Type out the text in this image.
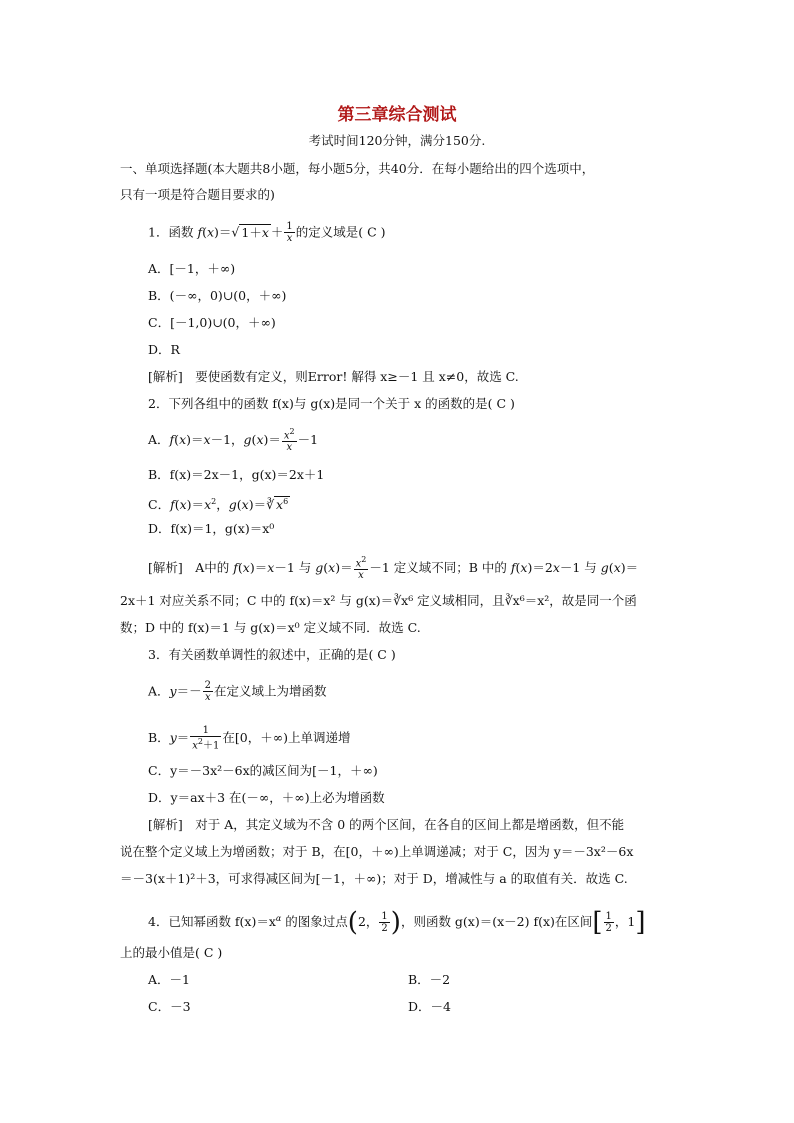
第三章综合测试
考试时间120分钟，满分150分.
一、单项选择题(本大题共8小题，每小题5分，共40分．在每小题给出的四个选项中，
只有一项是符合题目要求的)
1．函数 f(x)＝√ $1+x + \frac{1}{x}$ 的定义域是( C )
A．[－1，＋∞)
B．(－∞，0)∪(0，＋∞)
C．[－1,0)∪(0，＋∞)
D．R
[解析]　要使函数有定义，则Error! 解得 x≥－1 且 x≠0，故选 C.
2．下列各组中的函数 f(x)与 g(x)是同一个关于 x 的函数的是( C )
A．f(x)＝x－1，$g(x)= \frac{x^2}{x} -1$
B．f(x)＝2x－1，g(x)＝2x＋1
C．$f(x)=x^2$，g(x)＝∛ $x^6$
D．f(x)＝1，g(x)＝x⁰
[解析]　A中的 f(x)＝x－1 与 $g(x)= \frac{x^2}{x} -1$ 定义域不同；B 中的 f(x)＝2x－1 与 g(x)＝
2x＋1 对应关系不同；C 中的 f(x)＝x² 与 g(x)＝∛x⁶ 定义域相同，且∛x⁶＝x²，故是同一个函
数；D 中的 f(x)＝1 与 g(x)＝x⁰ 定义域不同．故选 C.
3．有关函数单调性的叙述中，正确的是( C )
A．$y=- \frac{2}{x}$ 在定义域上为增函数
B．$y= \frac{1}{x^2+1}$ 在[0，＋∞)上单调递增
C．y＝－3x²－6x的减区间为[－1，＋∞)
D．y＝ax＋3 在(－∞，＋∞)上必为增函数
[解析]　对于 A，其定义域为不含 0 的两个区间，在各自的区间上都是增函数，但不能
说在整个定义域上为增函数；对于 B，在[0，＋∞)上单调递减；对于 C，因为 y＝－3x²－6x
＝－3(x＋1)²＋3，可求得减区间为[－1，＋∞)；对于 D，增减性与 a 的取值有关．故选 C.
4．已知幂函数 $f(x)=x^\alpha$ 的图象过点(2， $\frac{1}{2}$ )，则函数 g(x)＝(x－2) f(x)在区间[ $\frac{1}{2}$ ，1]
上的最小值是( C )
A．－1	B．－2
C．－3	D．－4
